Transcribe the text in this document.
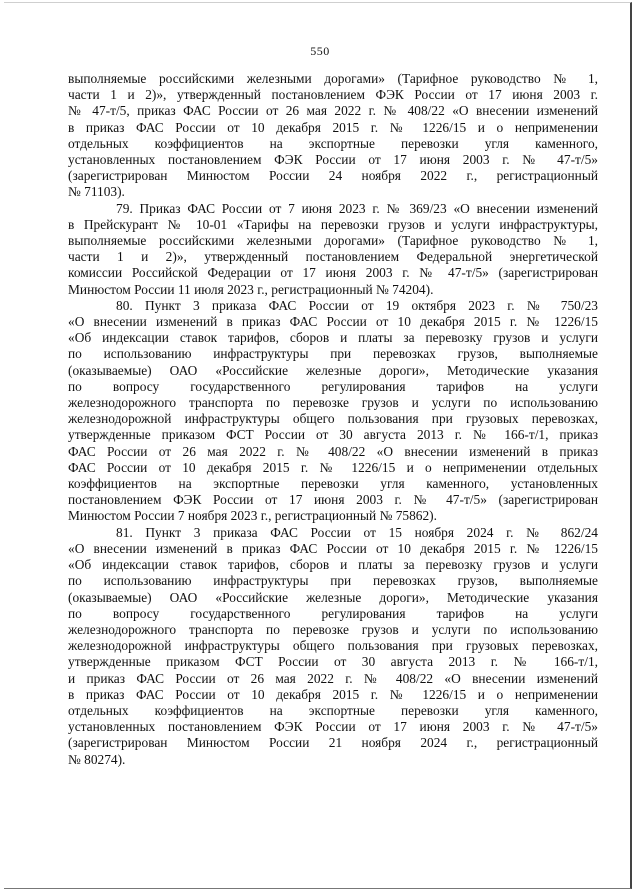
550
выполняемые российскими железными дорогами» (Тарифное руководство № 1,
части 1 и 2)», утвержденный постановлением ФЭК России от 17 июня 2003 г.
№ 47-т/5, приказ ФАС России от 26 мая 2022 г. № 408/22 «О внесении изменений
в приказ ФАС России от 10 декабря 2015 г. № 1226/15 и о неприменении
отдельных коэффициентов на экспортные перевозки угля каменного,
установленных постановлением ФЭК России от 17 июня 2003 г. № 47-т/5»
(зарегистрирован Минюстом России 24 ноября 2022 г., регистрационный
№ 71103).
79. Приказ ФАС России от 7 июня 2023 г. № 369/23 «О внесении изменений
в Прейскурант № 10-01 «Тарифы на перевозки грузов и услуги инфраструктуры,
выполняемые российскими железными дорогами» (Тарифное руководство № 1,
части 1 и 2)», утвержденный постановлением Федеральной энергетической
комиссии Российской Федерации от 17 июня 2003 г. № 47-т/5» (зарегистрирован
Минюстом России 11 июля 2023 г., регистрационный № 74204).
80. Пункт 3 приказа ФАС России от 19 октября 2023 г. № 750/23
«О внесении изменений в приказ ФАС России от 10 декабря 2015 г. № 1226/15
«Об индексации ставок тарифов, сборов и платы за перевозку грузов и услуги
по использованию инфраструктуры при перевозках грузов, выполняемые
(оказываемые) ОАО «Российские железные дороги», Методические указания
по вопросу государственного регулирования тарифов на услуги
железнодорожного транспорта по перевозке грузов и услуги по использованию
железнодорожной инфраструктуры общего пользования при грузовых перевозках,
утвержденные приказом ФСТ России от 30 августа 2013 г. № 166-т/1, приказ
ФАС России от 26 мая 2022 г. № 408/22 «О внесении изменений в приказ
ФАС России от 10 декабря 2015 г. № 1226/15 и о неприменении отдельных
коэффициентов на экспортные перевозки угля каменного, установленных
постановлением ФЭК России от 17 июня 2003 г. № 47-т/5» (зарегистрирован
Минюстом России 7 ноября 2023 г., регистрационный № 75862).
81. Пункт 3 приказа ФАС России от 15 ноября 2024 г. № 862/24
«О внесении изменений в приказ ФАС России от 10 декабря 2015 г. № 1226/15
«Об индексации ставок тарифов, сборов и платы за перевозку грузов и услуги
по использованию инфраструктуры при перевозках грузов, выполняемые
(оказываемые) ОАО «Российские железные дороги», Методические указания
по вопросу государственного регулирования тарифов на услуги
железнодорожного транспорта по перевозке грузов и услуги по использованию
железнодорожной инфраструктуры общего пользования при грузовых перевозках,
утвержденные приказом ФСТ России от 30 августа 2013 г. № 166-т/1,
и приказ ФАС России от 26 мая 2022 г. № 408/22 «О внесении изменений
в приказ ФАС России от 10 декабря 2015 г. № 1226/15 и о неприменении
отдельных коэффициентов на экспортные перевозки угля каменного,
установленных постановлением ФЭК России от 17 июня 2003 г. № 47-т/5»
(зарегистрирован Минюстом России 21 ноября 2024 г., регистрационный
№ 80274).
